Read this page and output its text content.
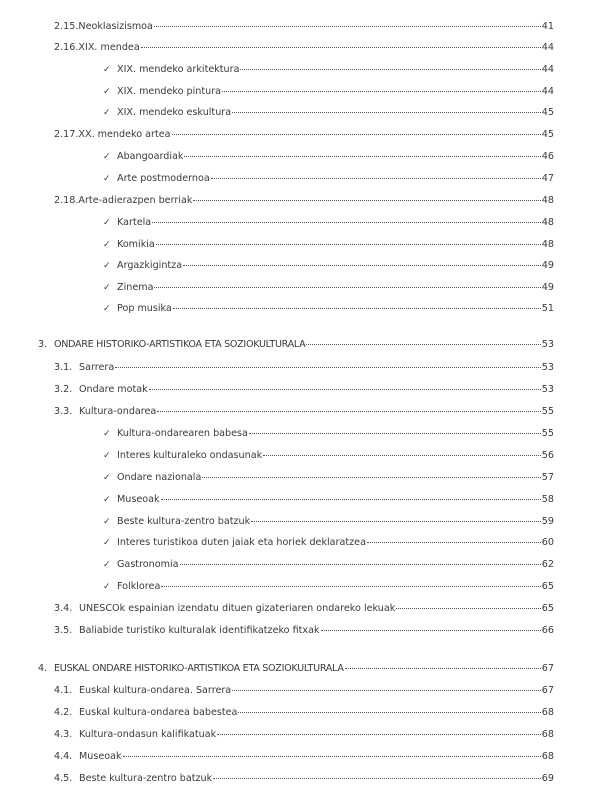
2.15. Neoklasizismoa	41
2.16. XIX. mendea	44
✓ XIX. mendeko arkitektura	44
✓ XIX. mendeko pintura	44
✓ XIX. mendeko eskultura	45
2.17. XX. mendeko artea	45
✓ Abangoardiak	46
✓ Arte postmodernoa	47
2.18. Arte-adierazpen berriak	48
✓ Kartela	48
✓ Komikia	48
✓ Argazkigintza	49
✓ Zinema	49
✓ Pop musika	51
3. ONDARE HISTORIKO-ARTISTIKOA ETA SOZIOKULTURALA	53
3.1. Sarrera	53
3.2. Ondare motak	53
3.3. Kultura-ondarea	55
✓ Kultura-ondarearen babesa	55
✓ Interes kulturaleko ondasunak	56
✓ Ondare nazionala	57
✓ Museoak	58
✓ Beste kultura-zentro batzuk	59
✓ Interes turistikoa duten jaiak eta horiek deklaratzea	60
✓ Gastronomia	62
✓ Folklorea	65
3.4. UNESCOk espainian izendatu dituen gizateriaren ondareko lekuak	65
3.5. Baliabide turistiko kulturalak identifikatzeko fitxak	66
4. EUSKAL ONDARE HISTORIKO-ARTISTIKOA ETA SOZIOKULTURALA	67
4.1. Euskal kultura-ondarea. Sarrera	67
4.2. Euskal kultura-ondarea babestea	68
4.3. Kultura-ondasun kalifikatuak	68
4.4. Museoak	68
4.5. Beste kultura-zentro batzuk	69
